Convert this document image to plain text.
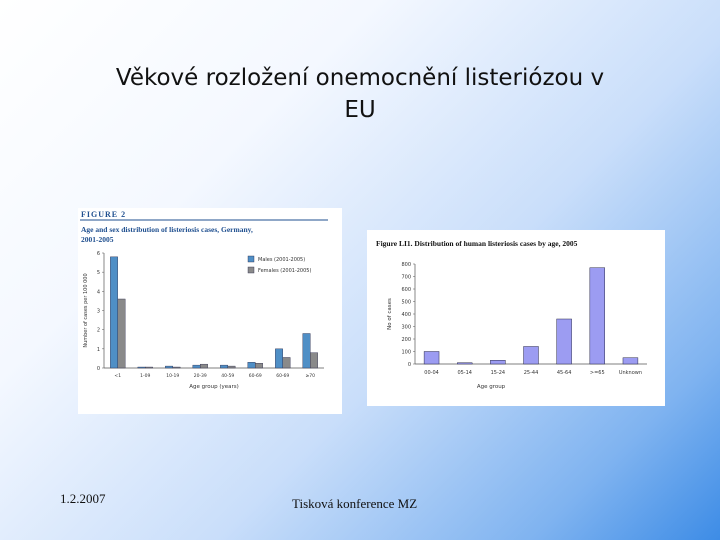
Věkové rozložení onemocnění listeriózou v
EU
FIGURE 2
Age and sex distribution of listeriosis cases, Germany,
2001-2005
0
1
2
3
4
5
6
<1	1-09	10-19	20-39	40-59	60-69	60-69	≥70
Age group (years)
Number of cases per 100 000
Males (2001-2005)
Females (2001-2005)
Figure LI1. Distribution of human listeriosis cases by age, 2005
0
100
200
300
400
500
600
700
800
00-04	05-14	15-24	25-44	45-64	>=65	Unknown
Age group
No of cases
1.2.2007	Tisková konference MZ
